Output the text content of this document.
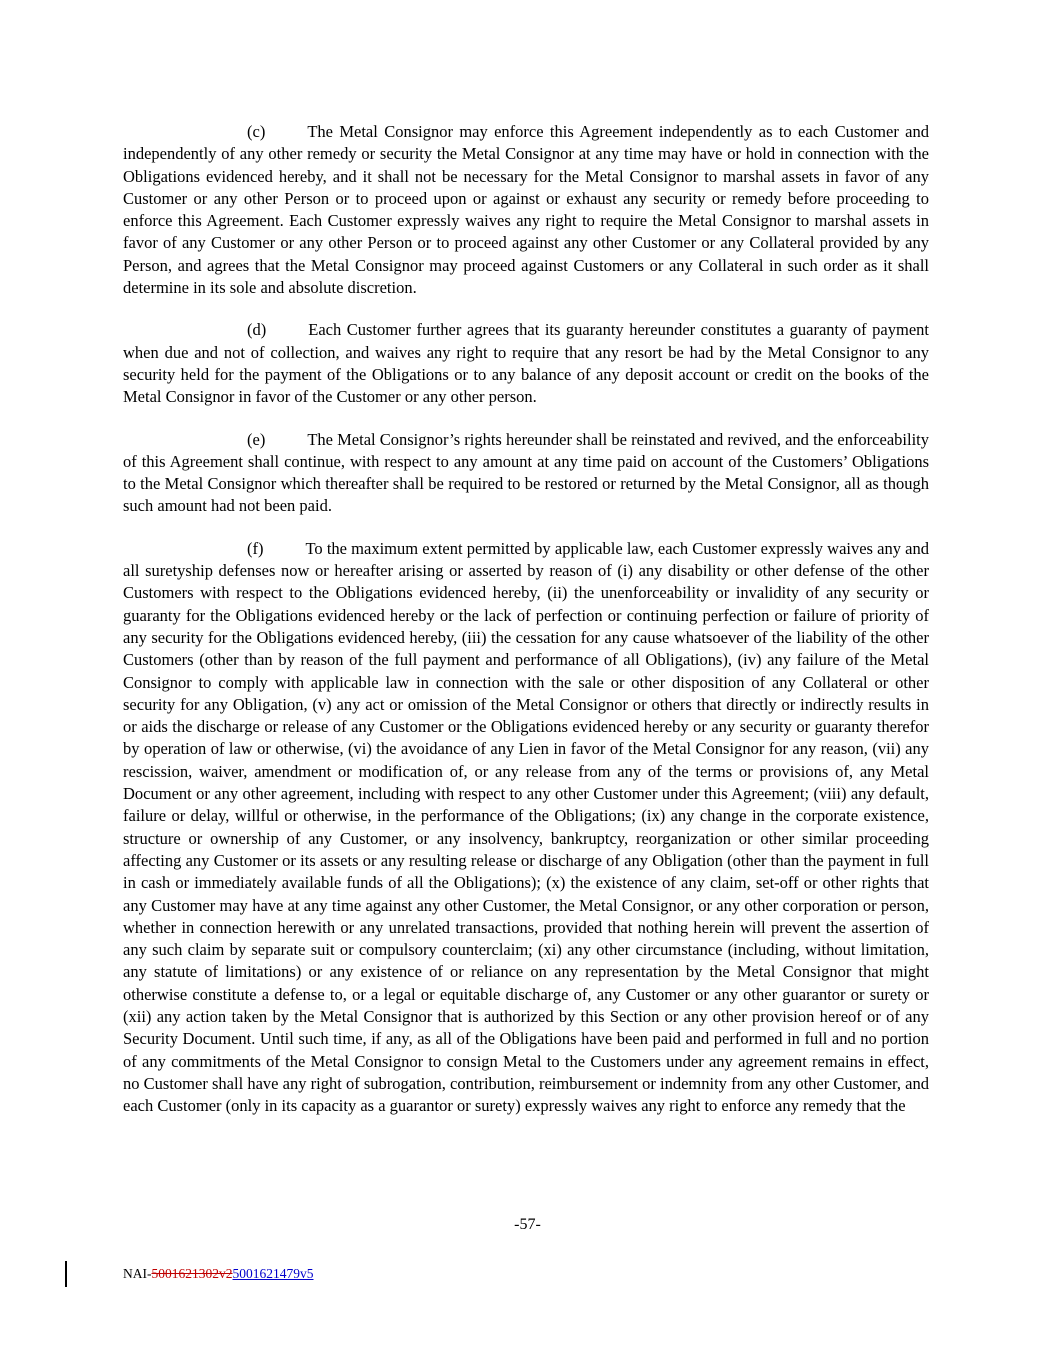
(c)	The Metal Consignor may enforce this Agreement independently as to each Customer and independently of any other remedy or security the Metal Consignor at any time may have or hold in connection with the Obligations evidenced hereby, and it shall not be necessary for the Metal Consignor to marshal assets in favor of any Customer or any other Person or to proceed upon or against or exhaust any security or remedy before proceeding to enforce this Agreement. Each Customer expressly waives any right to require the Metal Consignor to marshal assets in favor of any Customer or any other Person or to proceed against any other Customer or any Collateral provided by any Person, and agrees that the Metal Consignor may proceed against Customers or any Collateral in such order as it shall determine in its sole and absolute discretion.

(d)	Each Customer further agrees that its guaranty hereunder constitutes a guaranty of payment when due and not of collection, and waives any right to require that any resort be had by the Metal Consignor to any security held for the payment of the Obligations or to any balance of any deposit account or credit on the books of the Metal Consignor in favor of the Customer or any other person.

(e)	The Metal Consignor’s rights hereunder shall be reinstated and revived, and the enforceability of this Agreement shall continue, with respect to any amount at any time paid on account of the Customers’ Obligations to the Metal Consignor which thereafter shall be required to be restored or returned by the Metal Consignor, all as though such amount had not been paid.

(f)	To the maximum extent permitted by applicable law, each Customer expressly waives any and all suretyship defenses now or hereafter arising or asserted by reason of (i) any disability or other defense of the other Customers with respect to the Obligations evidenced hereby, (ii) the unenforceability or invalidity of any security or guaranty for the Obligations evidenced hereby or the lack of perfection or continuing perfection or failure of priority of any security for the Obligations evidenced hereby, (iii) the cessation for any cause whatsoever of the liability of the other Customers (other than by reason of the full payment and performance of all Obligations), (iv) any failure of the Metal Consignor to comply with applicable law in connection with the sale or other disposition of any Collateral or other security for any Obligation, (v) any act or omission of the Metal Consignor or others that directly or indirectly results in or aids the discharge or release of any Customer or the Obligations evidenced hereby or any security or guaranty therefor by operation of law or otherwise, (vi) the avoidance of any Lien in favor of the Metal Consignor for any reason, (vii) any rescission, waiver, amendment or modification of, or any release from any of the terms or provisions of, any Metal Document or any other agreement, including with respect to any other Customer under this Agreement; (viii) any default, failure or delay, willful or otherwise, in the performance of the Obligations; (ix) any change in the corporate existence, structure or ownership of any Customer, or any insolvency, bankruptcy, reorganization or other similar proceeding affecting any Customer or its assets or any resulting release or discharge of any Obligation (other than the payment in full in cash or immediately available funds of all the Obligations); (x) the existence of any claim, set-off or other rights that any Customer may have at any time against any other Customer, the Metal Consignor, or any other corporation or person, whether in connection herewith or any unrelated transactions, provided that nothing herein will prevent the assertion of any such claim by separate suit or compulsory counterclaim; (xi) any other circumstance (including, without limitation, any statute of limitations) or any existence of or reliance on any representation by the Metal Consignor that might otherwise constitute a defense to, or a legal or equitable discharge of, any Customer or any other guarantor or surety or (xii) any action taken by the Metal Consignor that is authorized by this Section or any other provision hereof or of any Security Document. Until such time, if any, as all of the Obligations have been paid and performed in full and no portion of any commitments of the Metal Consignor to consign Metal to the Customers under any agreement remains in effect, no Customer shall have any right of subrogation, contribution, reimbursement or indemnity from any other Customer, and each Customer (only in its capacity as a guarantor or surety) expressly waives any right to enforce any remedy that the

-57-
NAI-5001621302v25001621479v5
